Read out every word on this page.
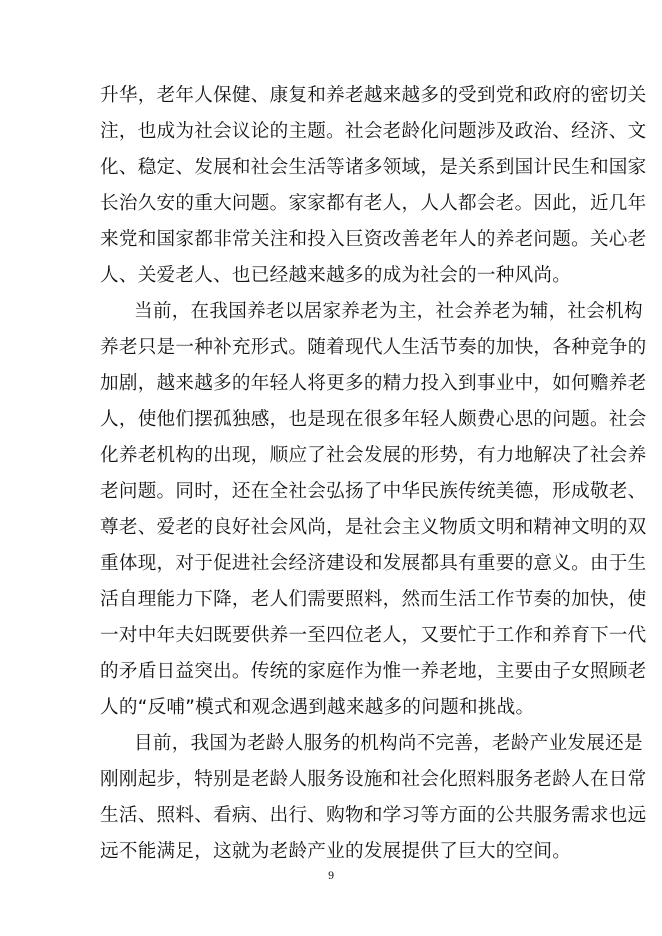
升华，老年人保健、康复和养老越来越多的受到党和政府的密切关
注，也成为社会议论的主题。社会老龄化问题涉及政治、经济、文
化、稳定、发展和社会生活等诸多领域，是关系到国计民生和国家
长治久安的重大问题。家家都有老人，人人都会老。因此，近几年
来党和国家都非常关注和投入巨资改善老年人的养老问题。关心老
人、关爱老人、也已经越来越多的成为社会的一种风尚。
当前，在我国养老以居家养老为主，社会养老为辅，社会机构
养老只是一种补充形式。随着现代人生活节奏的加快，各种竞争的
加剧，越来越多的年轻人将更多的精力投入到事业中，如何赡养老
人，使他们摆孤独感，也是现在很多年轻人颇费心思的问题。社会
化养老机构的出现，顺应了社会发展的形势，有力地解决了社会养
老问题。同时，还在全社会弘扬了中华民族传统美德，形成敬老、
尊老、爱老的良好社会风尚，是社会主义物质文明和精神文明的双
重体现，对于促进社会经济建设和发展都具有重要的意义。由于生
活自理能力下降，老人们需要照料，然而生活工作节奏的加快，使
一对中年夫妇既要供养一至四位老人，又要忙于工作和养育下一代
的矛盾日益突出。传统的家庭作为惟一养老地，主要由子女照顾老
人的“反哺”模式和观念遇到越来越多的问题和挑战。
目前，我国为老龄人服务的机构尚不完善，老龄产业发展还是
刚刚起步，特别是老龄人服务设施和社会化照料服务老龄人在日常
生活、照料、看病、出行、购物和学习等方面的公共服务需求也远
远不能满足，这就为老龄产业的发展提供了巨大的空间。
9
